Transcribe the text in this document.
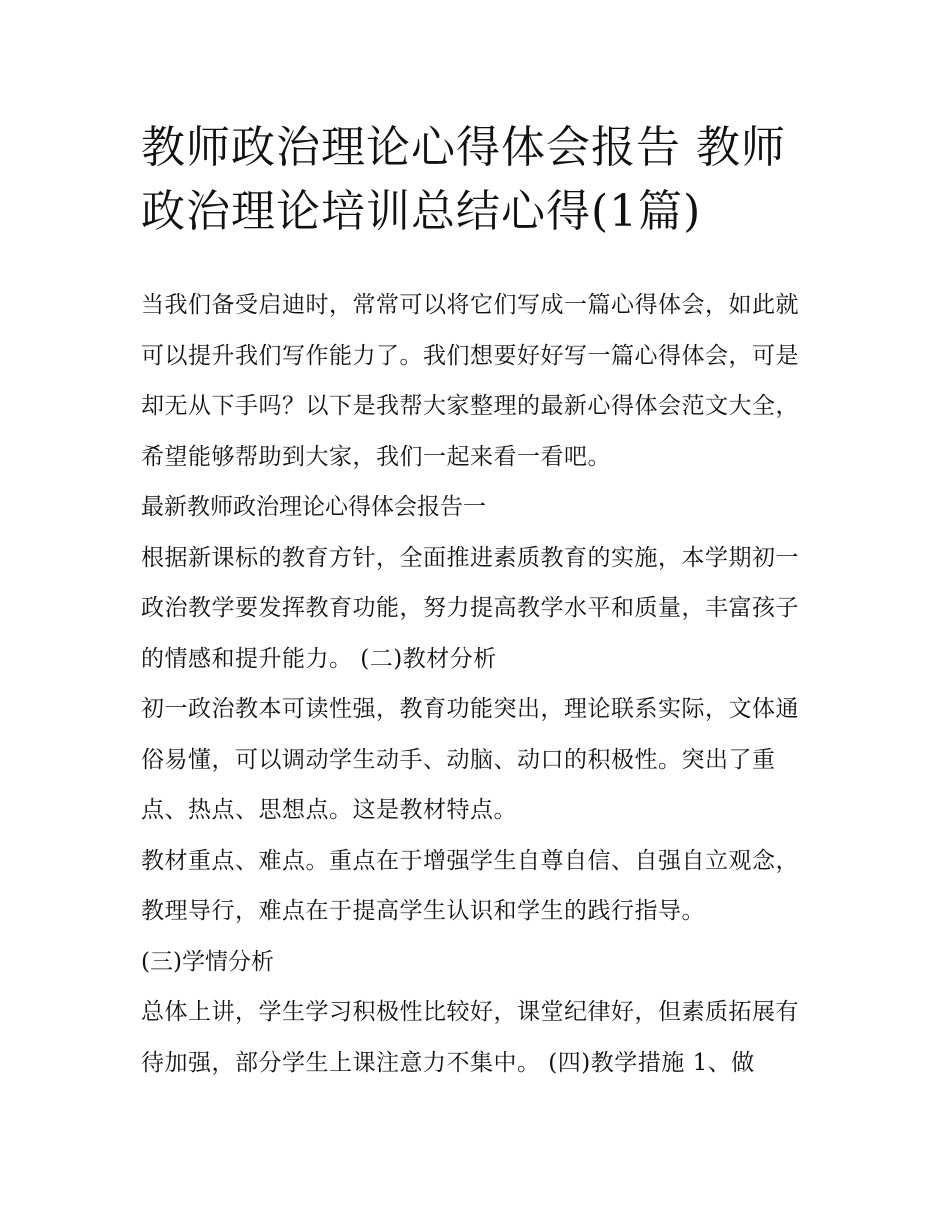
教师政治理论心得体会报告 教师政治理论培训总结心得(1篇)

当我们备受启迪时，常常可以将它们写成一篇心得体会，如此就可以提升我们写作能力了。我们想要好好写一篇心得体会，可是却无从下手吗？以下是我帮大家整理的最新心得体会范文大全，希望能够帮助到大家，我们一起来看一看吧。

最新教师政治理论心得体会报告一

根据新课标的教育方针，全面推进素质教育的实施，本学期初一政治教学要发挥教育功能，努力提高教学水平和质量，丰富孩子的情感和提升能力。 (二)教材分析

初一政治教本可读性强，教育功能突出，理论联系实际，文体通俗易懂，可以调动学生动手、动脑、动口的积极性。突出了重点、热点、思想点。这是教材特点。

教材重点、难点。重点在于增强学生自尊自信、自强自立观念，教理导行，难点在于提高学生认识和学生的践行指导。

(三)学情分析

总体上讲，学生学习积极性比较好，课堂纪律好，但素质拓展有待加强，部分学生上课注意力不集中。 (四)教学措施 1、做
